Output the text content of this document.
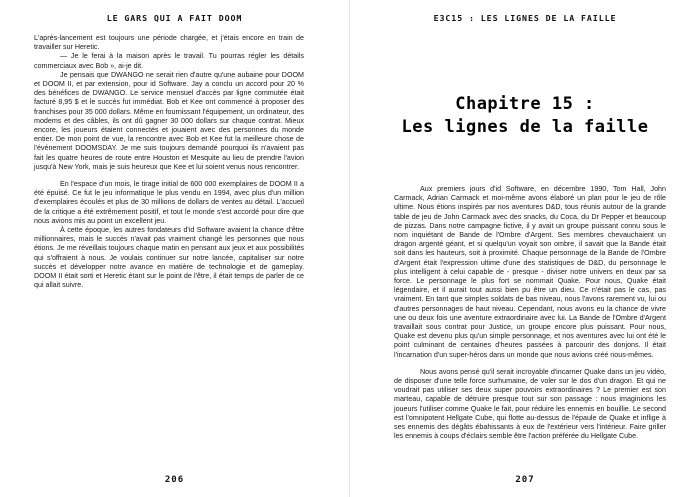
LE GARS QUI A FAIT DOOM

L'après-lancement est toujours une période chargée, et j'étais encore en train de travailler sur Heretic.

— Je le ferai à la maison après le travail. Tu pourras régler les détails commerciaux avec Bob », ai-je dit.

Je pensais que DWANGO ne serait rien d'autre qu'une aubaine pour DOOM et DOOM II, et par extension, pour id Software. Jay a conclu un accord pour 20 % des bénéfices de DWANGO. Le service mensuel d'accès par ligne commutée était facturé 8,95 $ et le succès fut immédiat. Bob et Kee ont commencé à proposer des franchises pour 35 000 dollars. Même en fournissant l'équipement, un ordinateur, des modems et des câbles, ils ont dû gagner 30 000 dollars sur chaque contrat. Mieux encore, les joueurs étaient connectés et jouaient avec des personnes du monde entier. De mon point de vue, la rencontre avec Bob et Kee fut la meilleure chose de l'événement DOOMSDAY. Je me suis toujours demandé pourquoi ils n'avaient pas fait les quatre heures de route entre Houston et Mesquite au lieu de prendre l'avion jusqu'à New York, mais je suis heureux que Kee et lui soient venus nous rencontrer.

En l'espace d'un mois, le tirage initial de 600 000 exemplaires de DOOM II a été épuisé. Ce fut le jeu informatique le plus vendu en 1994, avec plus d'un million d'exemplaires écoulés et plus de 30 millions de dollars de ventes au détail. L'accueil de la critique a été extrêmement positif, et tout le monde s'est accordé pour dire que nous avions mis au point un excellent jeu.

À cette époque, les autres fondateurs d'id Software avaient la chance d'être millionnaires, mais le succès n'avait pas vraiment changé les personnes que nous étions. Je me réveillais toujours chaque matin en pensant aux jeux et aux possibilités qui s'offraient à nous. Je voulais continuer sur notre lancée, capitaliser sur notre succès et développer notre avance en matière de technologie et de gameplay. DOOM II était sorti et Heretic étant sur le point de l'être, il était temps de parler de ce qui allait suivre.

206
E3C15 : LES LIGNES DE LA FAILLE
Chapitre 15 :
Les lignes de la faille

Aux premiers jours d'id Software, en décembre 1990, Tom Hall, John Carmack, Adrian Carmack et moi-même avons élaboré un plan pour le jeu de rôle ultime. Nous étions inspirés par nos aventures D&D, tous réunis autour de la grande table de jeu de John Carmack avec des snacks, du Coca, du Dr Pepper et beaucoup de pizzas. Dans notre campagne fictive, il y avait un groupe puissant connu sous le nom inquiétant de Bande de l'Ombre d'Argent. Ses membres chevauchaient un dragon argenté géant, et si quelqu'un voyait son ombre, il savait que la Bande était soit dans les hauteurs, soit à proximité. Chaque personnage de la Bande de l'Ombre d'Argent était l'expression ultime d'une des statistiques de D&D, du personnage le plus intelligent à celui capable de - presque - diviser notre univers en deux par sa force. Le personnage le plus fort se nommait Quake. Pour nous, Quake était légendaire, et il aurait tout aussi bien pu être un dieu. Ce n'était pas le cas, pas vraiment. En tant que simples soldats de bas niveau, nous l'avons rarement vu, lui ou d'autres personnages de haut niveau. Cependant, nous avons eu la chance de vivre une ou deux fois une aventure extraordinaire avec lui. La Bande de l'Ombre d'Argent travaillait sous contrat pour Justice, un groupe encore plus puissant. Pour nous, Quake est devenu plus qu'un simple personnage, et nos aventures avec lui ont été le point culminant de centaines d'heures passées à parcourir des donjons. Il était l'incarnation d'un super-héros dans un monde que nous avions créé nous-mêmes.

Nous avons pensé qu'il serait incroyable d'incarner Quake dans un jeu vidéo, de disposer d'une telle force surhumaine, de voler sur le dos d'un dragon. Et qui ne voudrait pas utiliser ses deux super pouvoirs extraordinaires ? Le premier est son marteau, capable de détruire presque tout sur son passage : nous imaginions les joueurs l'utiliser comme Quake le fait, pour réduire les ennemis en bouillie. Le second est l'omnipotent Hellgate Cube, qui flotte au-dessus de l'épaule de Quake et inflige à ses ennemis des dégâts ébahissants à eux de l'extérieur vers l'intérieur. Faire griller les ennemis à coups d'éclairs semble être l'action préférée du Hellgate Cube.

207
